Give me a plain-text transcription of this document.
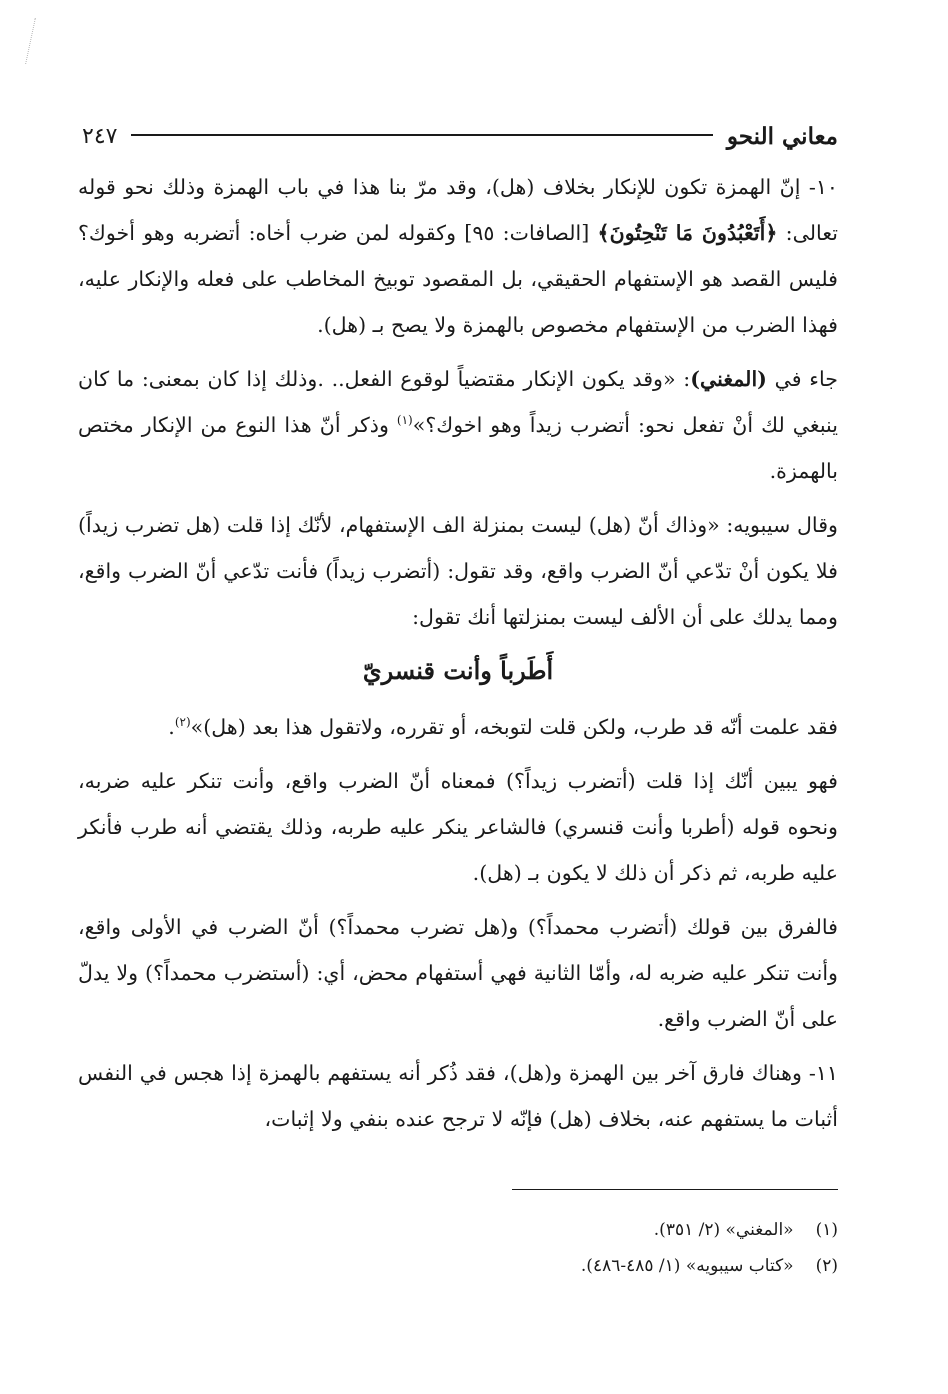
معاني النحو
٢٤٧

١٠- إنّ الهمزة تكون للإنكار بخلاف (هل)، وقد مرّ بنا هذا في باب الهمزة وذلك نحو قوله تعالى: ﴿أَتَعْبُدُونَ مَا تَنْحِتُونَ﴾ [الصافات: ٩٥] وكقوله لمن ضرب أخاه: أتضربه وهو أخوك؟ فليس القصد هو الإستفهام الحقيقي، بل المقصود توبيخ المخاطب على فعله والإنكار عليه، فهذا الضرب من الإستفهام مخصوص بالهمزة ولا يصح بـ (هل).

جاء في (المغني): «وقد يكون الإنكار مقتضياً لوقوع الفعل.. .وذلك إذا كان بمعنى: ما كان ينبغي لك أنْ تفعل نحو: أتضرب زيداً وهو اخوك؟»$^{(١)}$ وذكر أنّ هذا النوع من الإنكار مختص بالهمزة.

وقال سيبويه: «وذاك أنّ (هل) ليست بمنزلة الف الإستفهام، لأنّك إذا قلت (هل تضرب زيداً) فلا يكون أنْ تدّعي أنّ الضرب واقع، وقد تقول: (أتضرب زيداً) فأنت تدّعي أنّ الضرب واقع، ومما يدلك على أن الألف ليست بمنزلتها أنك تقول:

أَطَرباً وأنت قنسريّ

فقد علمت أنّه قد طرب، ولكن قلت لتوبخه، أو تقرره، ولاتقول هذا بعد (هل)»$^{(٢)}$.

فهو يبين أنّك إذا قلت (أتضرب زيداً؟) فمعناه أنّ الضرب واقع، وأنت تنكر عليه ضربه، ونحوه قوله (أطربا وأنت قنسري) فالشاعر ينكر عليه طربه، وذلك يقتضي أنه طرب فأنكر عليه طربه، ثم ذكر أن ذلك لا يكون بـ (هل).

فالفرق بين قولك (أتضرب محمداً؟) و(هل تضرب محمداً؟) أنّ الضرب في الأولى واقع، وأنت تنكر عليه ضربه له، وأمّا الثانية فهي أستفهام محض، أي: (أستضرب محمداً؟) ولا يدلّ على أنّ الضرب واقع.

١١- وهناك فارق آخر بين الهمزة و(هل)، فقد ذُكر أنه يستفهم بالهمزة إذا هجس في النفس أثبات ما يستفهم عنه، بخلاف (هل) فإنّه لا ترجح عنده بنفي ولا إثبات،

(١)
«المغني» (٢/ ٣٥١).
(٢)
«كتاب سيبويه» (١/ ٤٨٥-٤٨٦).
